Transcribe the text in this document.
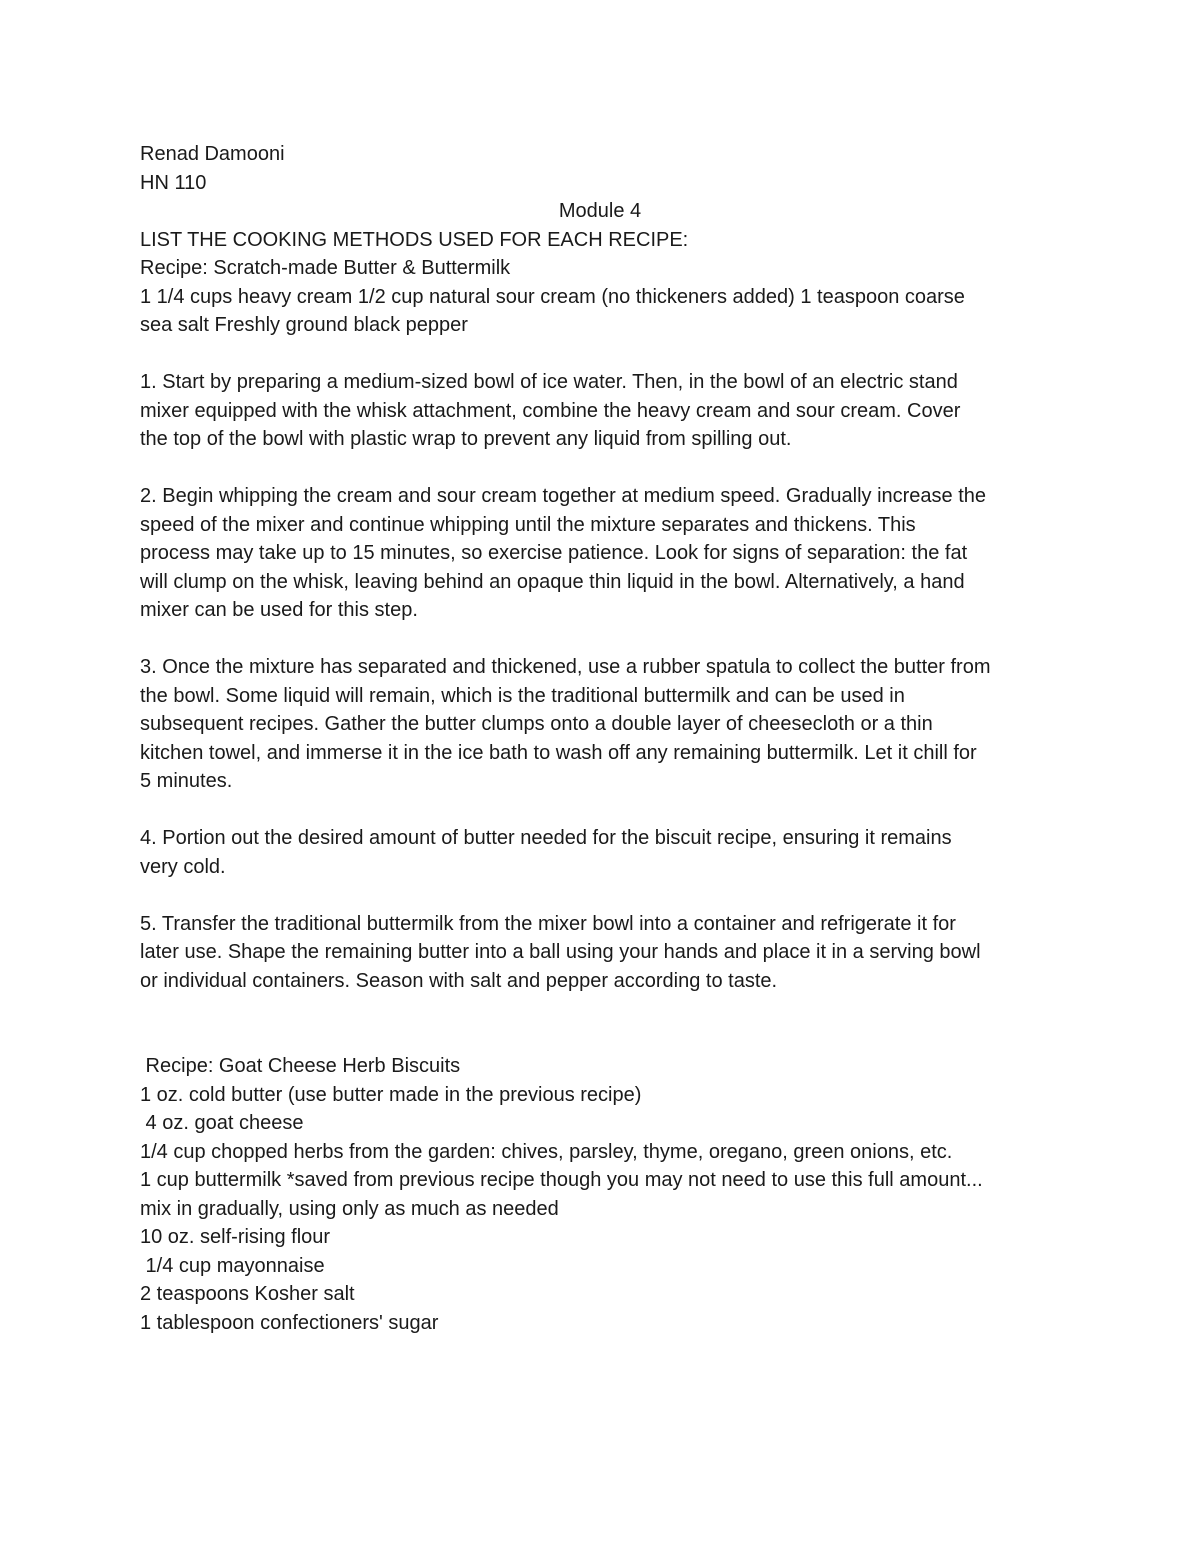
Renad Damooni
HN 110
Module 4
LIST THE COOKING METHODS USED FOR EACH RECIPE:
Recipe: Scratch-made Butter & Buttermilk
1 1/4 cups heavy cream 1/2 cup natural sour cream (no thickeners added) 1 teaspoon coarse
sea salt Freshly ground black pepper
1. Start by preparing a medium-sized bowl of ice water. Then, in the bowl of an electric stand
mixer equipped with the whisk attachment, combine the heavy cream and sour cream. Cover
the top of the bowl with plastic wrap to prevent any liquid from spilling out.
2. Begin whipping the cream and sour cream together at medium speed. Gradually increase the
speed of the mixer and continue whipping until the mixture separates and thickens. This
process may take up to 15 minutes, so exercise patience. Look for signs of separation: the fat
will clump on the whisk, leaving behind an opaque thin liquid in the bowl. Alternatively, a hand
mixer can be used for this step.
3. Once the mixture has separated and thickened, use a rubber spatula to collect the butter from
the bowl. Some liquid will remain, which is the traditional buttermilk and can be used in
subsequent recipes. Gather the butter clumps onto a double layer of cheesecloth or a thin
kitchen towel, and immerse it in the ice bath to wash off any remaining buttermilk. Let it chill for
5 minutes.
4. Portion out the desired amount of butter needed for the biscuit recipe, ensuring it remains
very cold.
5. Transfer the traditional buttermilk from the mixer bowl into a container and refrigerate it for
later use. Shape the remaining butter into a ball using your hands and place it in a serving bowl
or individual containers. Season with salt and pepper according to taste.
Recipe: Goat Cheese Herb Biscuits
1 oz. cold butter (use butter made in the previous recipe)
4 oz. goat cheese
1/4 cup chopped herbs from the garden: chives, parsley, thyme, oregano, green onions, etc.
1 cup buttermilk *saved from previous recipe though you may not need to use this full amount...
mix in gradually, using only as much as needed
10 oz. self-rising flour
1/4 cup mayonnaise
2 teaspoons Kosher salt
1 tablespoon confectioners' sugar
